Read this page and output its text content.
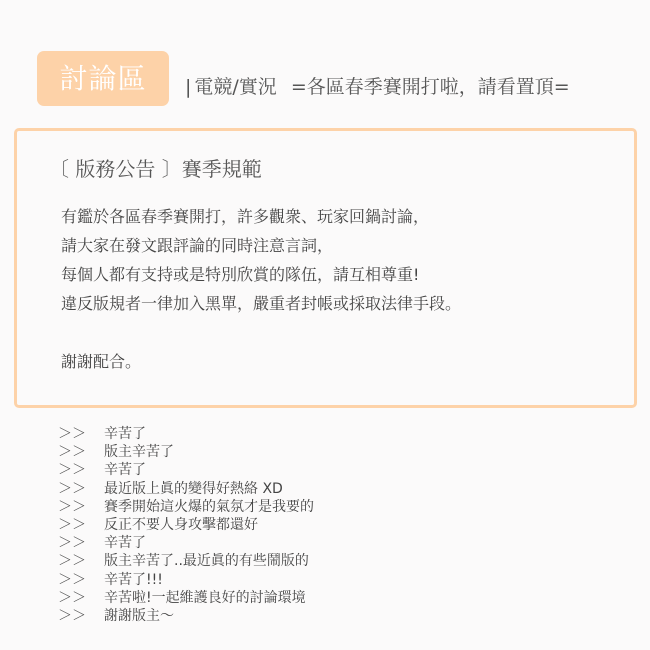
討論區	| 電競/實況 =各區春季賽開打啦，請看置頂=
〔 版務公告 〕賽季規範
有鑑於各區春季賽開打，許多觀衆、玩家回鍋討論，
請大家在發文跟評論的同時注意言詞，
每個人都有支持或是特別欣賞的隊伍，請互相尊重!
違反版規者一律加入黑單，嚴重者封帳或採取法律手段。
謝謝配合。
＞＞ 辛苦了
＞＞ 版主辛苦了
＞＞ 辛苦了
＞＞ 最近版上眞的變得好熱絡 XD
＞＞ 賽季開始這火爆的氣氛才是我要的
＞＞ 反正不要人身攻擊都還好
＞＞ 辛苦了
＞＞ 版主辛苦了..最近眞的有些鬧版的
＞＞ 辛苦了!!!
＞＞ 辛苦啦!一起維護良好的討論環境
＞＞ 謝謝版主〜
